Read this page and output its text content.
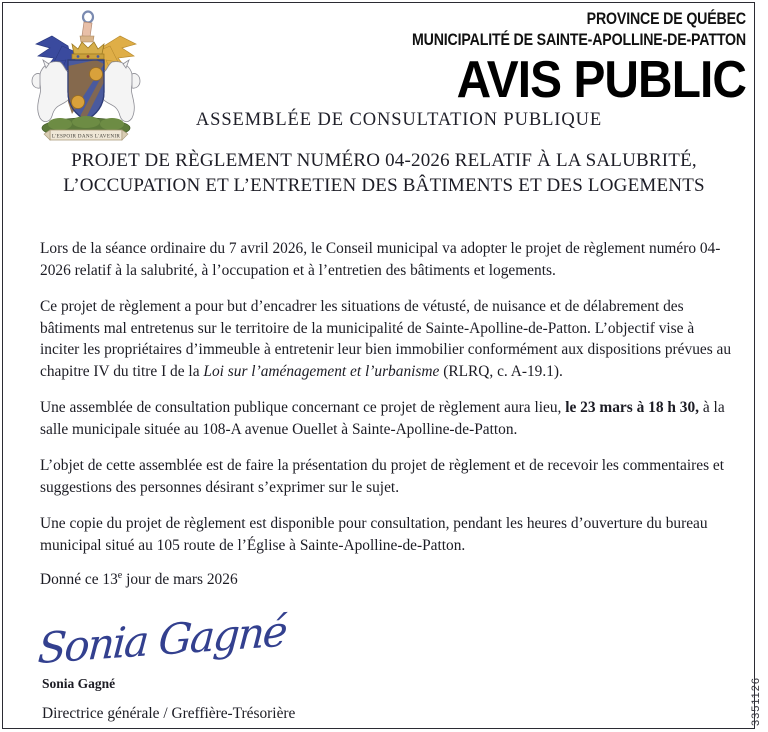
L'ESPOIR DANS L'AVENIR
PROVINCE DE QUÉBEC
MUNICIPALITÉ DE SAINTE-APOLLINE-DE-PATTON
AVIS PUBLIC
ASSEMBLÉE DE CONSULTATION PUBLIQUE
PROJET DE RÈGLEMENT NUMÉRO 04-2026 RELATIF À LA SALUBRITÉ,
L’OCCUPATION ET L’ENTRETIEN DES BÂTIMENTS ET DES LOGEMENTS

Lors de la séance ordinaire du 7 avril 2026, le Conseil municipal va adopter le projet de règlement numéro 04-2026 relatif à la salubrité, à l’occupation et à l’entretien des bâtiments et logements.

Ce projet de règlement a pour but d’encadrer les situations de vétusté, de nuisance et de délabrement des bâtiments mal entretenus sur le territoire de la municipalité de Sainte-Apolline-de-Patton. L’objectif vise à inciter les propriétaires d’immeuble à entretenir leur bien immobilier conformément aux dispositions prévues au chapitre IV du titre I de la Loi sur l’aménagement et l’urbanisme (RLRQ, c. A-19.1).

Une assemblée de consultation publique concernant ce projet de règlement aura lieu, le 23 mars à 18 h 30, à la salle municipale située au 108-A avenue Ouellet à Sainte-Apolline-de-Patton.

L’objet de cette assemblée est de faire la présentation du projet de règlement et de recevoir les commentaires et suggestions des personnes désirant s’exprimer sur le sujet.

Une copie du projet de règlement est disponible pour consultation, pendant les heures d’ouverture du bureau municipal situé au 105 route de l’Église à Sainte-Apolline-de-Patton.

Donné ce 13e jour de mars 2026
Sonia Gagné
Sonia Gagné
Directrice générale / Greffière-Trésorière	3351126
